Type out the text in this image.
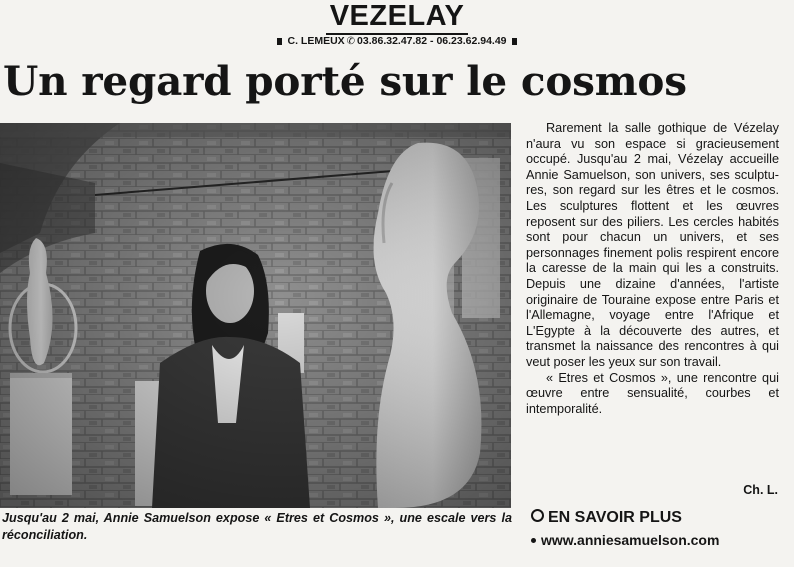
VEZELAY
C. LEMEUX ✆ 03.86.32.47.82 - 06.23.62.94.49
Un regard porté sur le cosmos
Jusqu'au 2 mai, Annie Samuelson expose « Etres et Cosmos », une escale vers la réconciliation.

Rarement la salle gothique de Vézelay n'aura vu son espace si gracieusement occupé. Jusqu'au 2 mai, Vézelay accueille Annie Samuelson, son univers, ses sculptures, son regard sur les êtres et le cosmos. Les sculptures flottent et les œuvres reposent sur des piliers. Les cercles habités sont pour chacun un univers, et ses personnages finement polis respirent encore la caresse de la main qui les a construits. Depuis une dizaine d'années, l'artiste originaire de Touraine expose entre Paris et l'Allemagne, voyage entre l'Afrique et L'Egypte à la découverte des autres, et transmet la naissance des rencontres à qui veut poser les yeux sur son travail.

« Etres et Cosmos », une rencontre qui œuvre entre sensualité, courbes et intemporalité.

Ch. L.
EN SAVOIR PLUS
www.anniesamuelson.com
